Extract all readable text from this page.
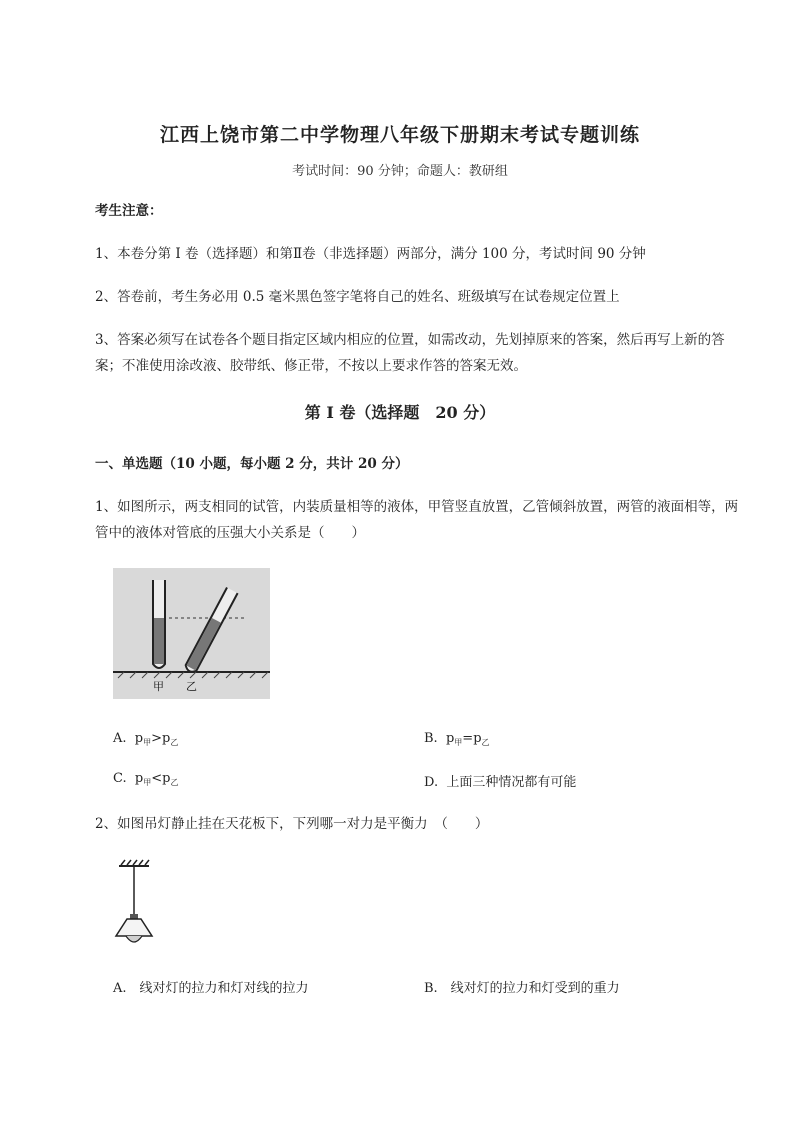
江西上饶市第二中学物理八年级下册期末考试专题训练
考试时间：90 分钟；命题人：教研组
考生注意：
1、本卷分第 I 卷（选择题）和第Ⅱ卷（非选择题）两部分，满分 100 分，考试时间 90 分钟
2、答卷前，考生务必用 0.5 毫米黑色签字笔将自己的姓名、班级填写在试卷规定位置上
3、答案必须写在试卷各个题目指定区域内相应的位置，如需改动，先划掉原来的答案，然后再写上新的答案；不准使用涂改液、胶带纸、修正带，不按以上要求作答的答案无效。
第 I 卷（选择题　20 分）
一、单选题（10 小题，每小题 2 分，共计 20 分）
1、如图所示，两支相同的试管，内装质量相等的液体，甲管竖直放置，乙管倾斜放置，两管的液面相等，两管中的液体对管底的压强大小关系是（　　）
甲 乙
A. $p_甲>p_乙$	B. $p_甲=p_乙$
C. $p_甲<p_乙$	D. 上面三种情况都有可能
2、如图吊灯静止挂在天花板下，下列哪一对力是平衡力　（　　）
A.　线对灯的拉力和灯对线的拉力	B.　线对灯的拉力和灯受到的重力
